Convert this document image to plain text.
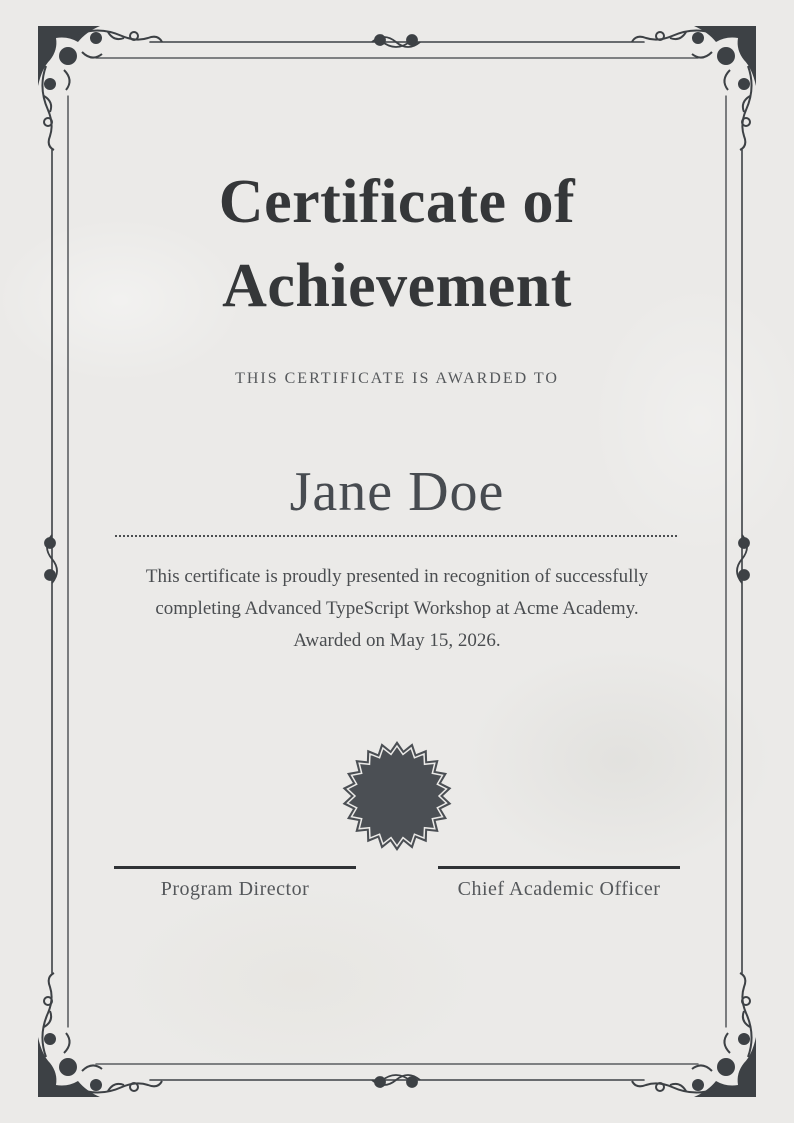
Certificate of
Achievement
THIS CERTIFICATE IS AWARDED TO
Jane Doe
This certificate is proudly presented in recognition of successfully
completing Advanced TypeScript Workshop at Acme Academy.
Awarded on May 15, 2026.
Program Director	Chief Academic Officer
